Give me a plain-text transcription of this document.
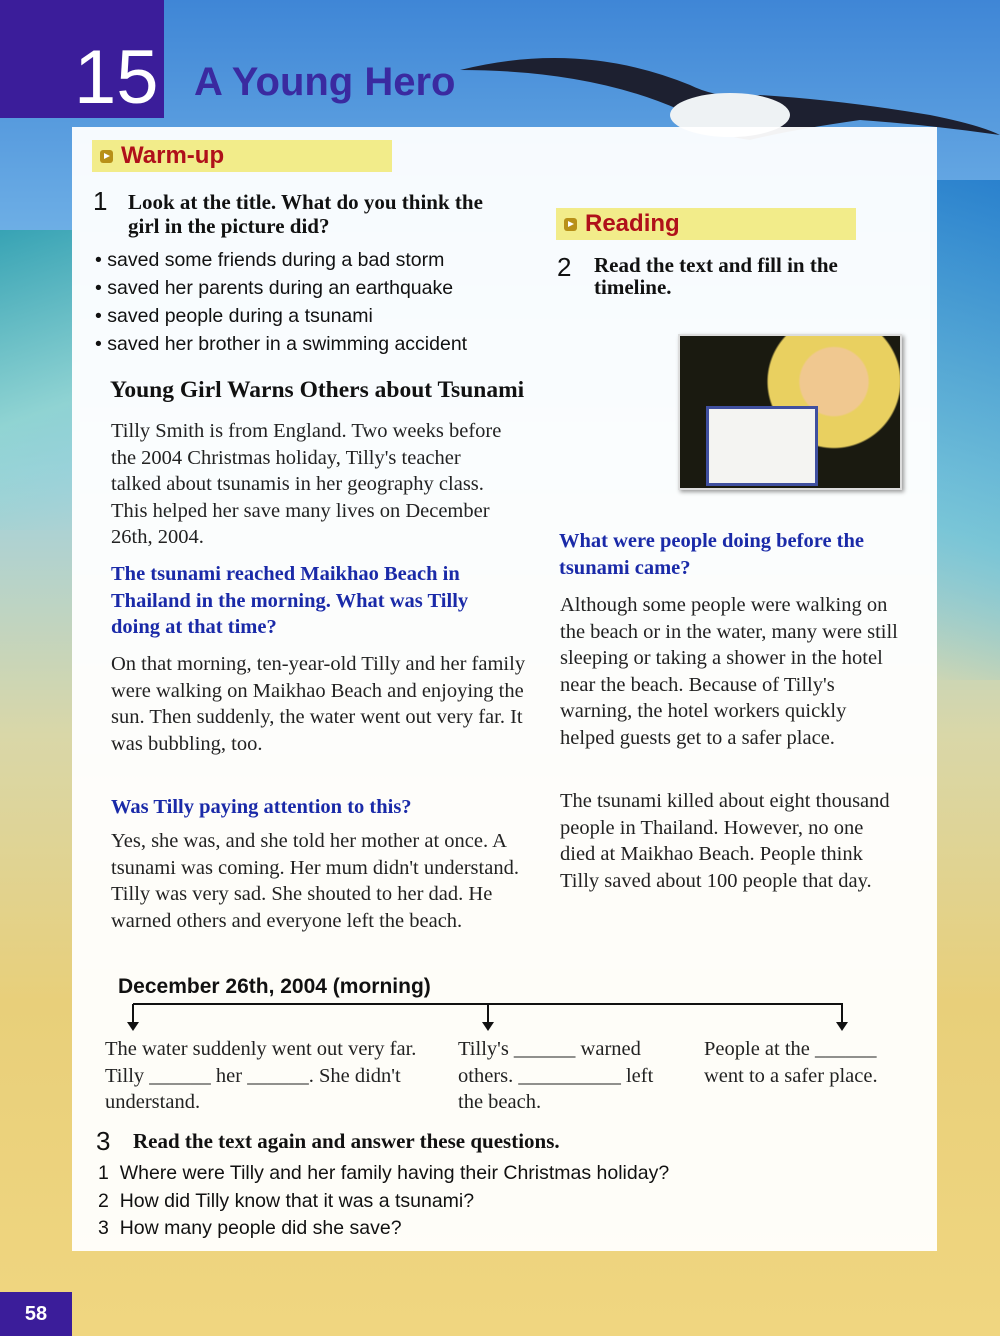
15 A Young Hero
Warm-up
1 Look at the title. What do you think the girl in the picture did?
• saved some friends during a bad storm
• saved her parents during an earthquake
• saved people during a tsunami
• saved her brother in a swimming accident
Reading
2 Read the text and fill in the timeline.
Young Girl Warns Others about Tsunami
Tilly Smith is from England. Two weeks before the 2004 Christmas holiday, Tilly's teacher talked about tsunamis in her geography class. This helped her save many lives on December 26th, 2004.
The tsunami reached Maikhao Beach in Thailand in the morning. What was Tilly doing at that time?
On that morning, ten-year-old Tilly and her family were walking on Maikhao Beach and enjoying the sun. Then suddenly, the water went out very far. It was bubbling, too.
Was Tilly paying attention to this?
Yes, she was, and she told her mother at once. A tsunami was coming. Her mum didn't understand. Tilly was very sad. She shouted to her dad. He warned others and everyone left the beach.
What were people doing before the tsunami came?
Although some people were walking on the beach or in the water, many were still sleeping or taking a shower in the hotel near the beach. Because of Tilly's warning, the hotel workers quickly helped guests get to a safer place.
The tsunami killed about eight thousand people in Thailand. However, no one died at Maikhao Beach. People think Tilly saved about 100 people that day.
December 26th, 2004 (morning)
The water suddenly went out very far. Tilly ______ her ______. She didn't understand.
Tilly's ______ warned others. __________ left the beach.
People at the ______ went to a safer place.
3 Read the text again and answer these questions.
1 Where were Tilly and her family having their Christmas holiday?
2 How did Tilly know that it was a tsunami?
3 How many people did she save?
58
